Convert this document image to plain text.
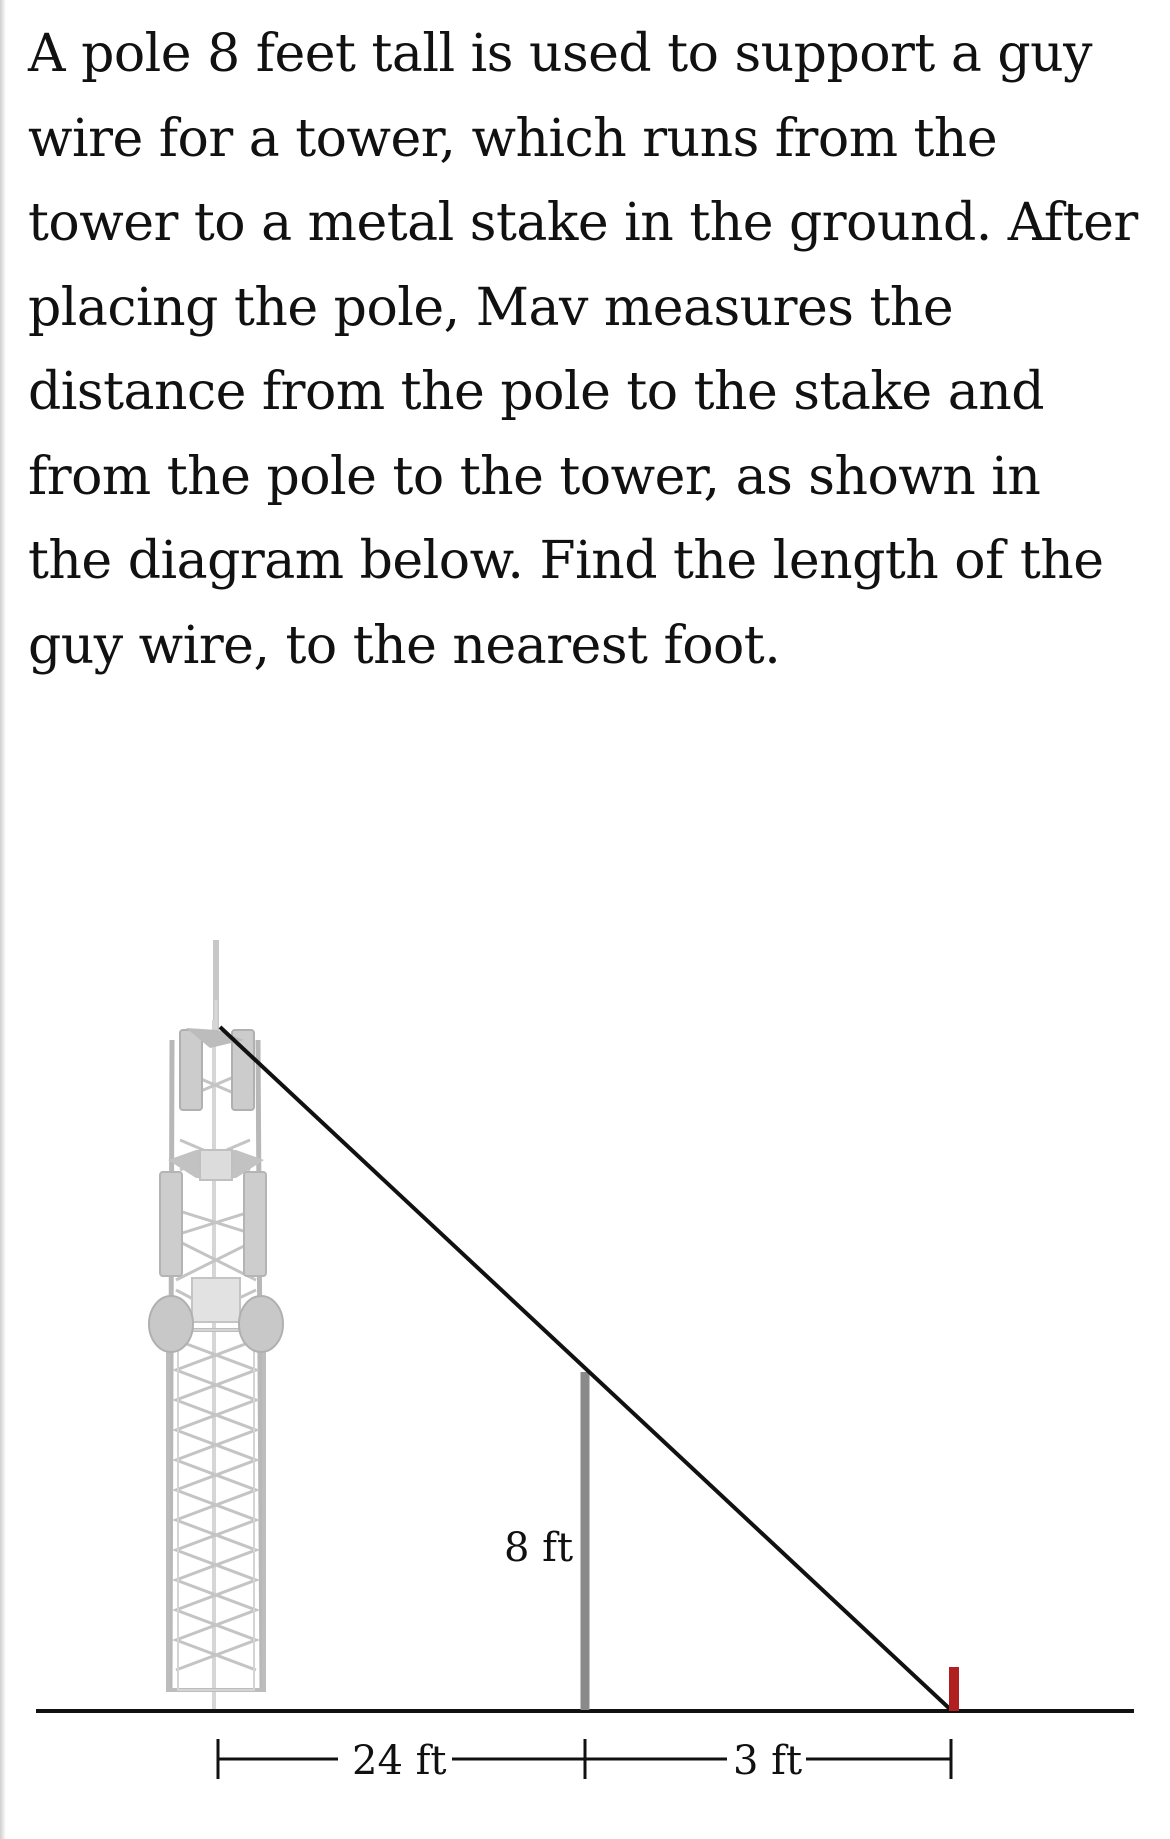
A pole 8 feet tall is used to support a guy wire for a tower, which runs from the tower to a metal stake in the ground. After placing the pole, Mav measures the distance from the pole to the stake and from the pole to the tower, as shown in the diagram below. Find the length of the guy wire, to the nearest foot.

8 ft
24 ft	3 ft
